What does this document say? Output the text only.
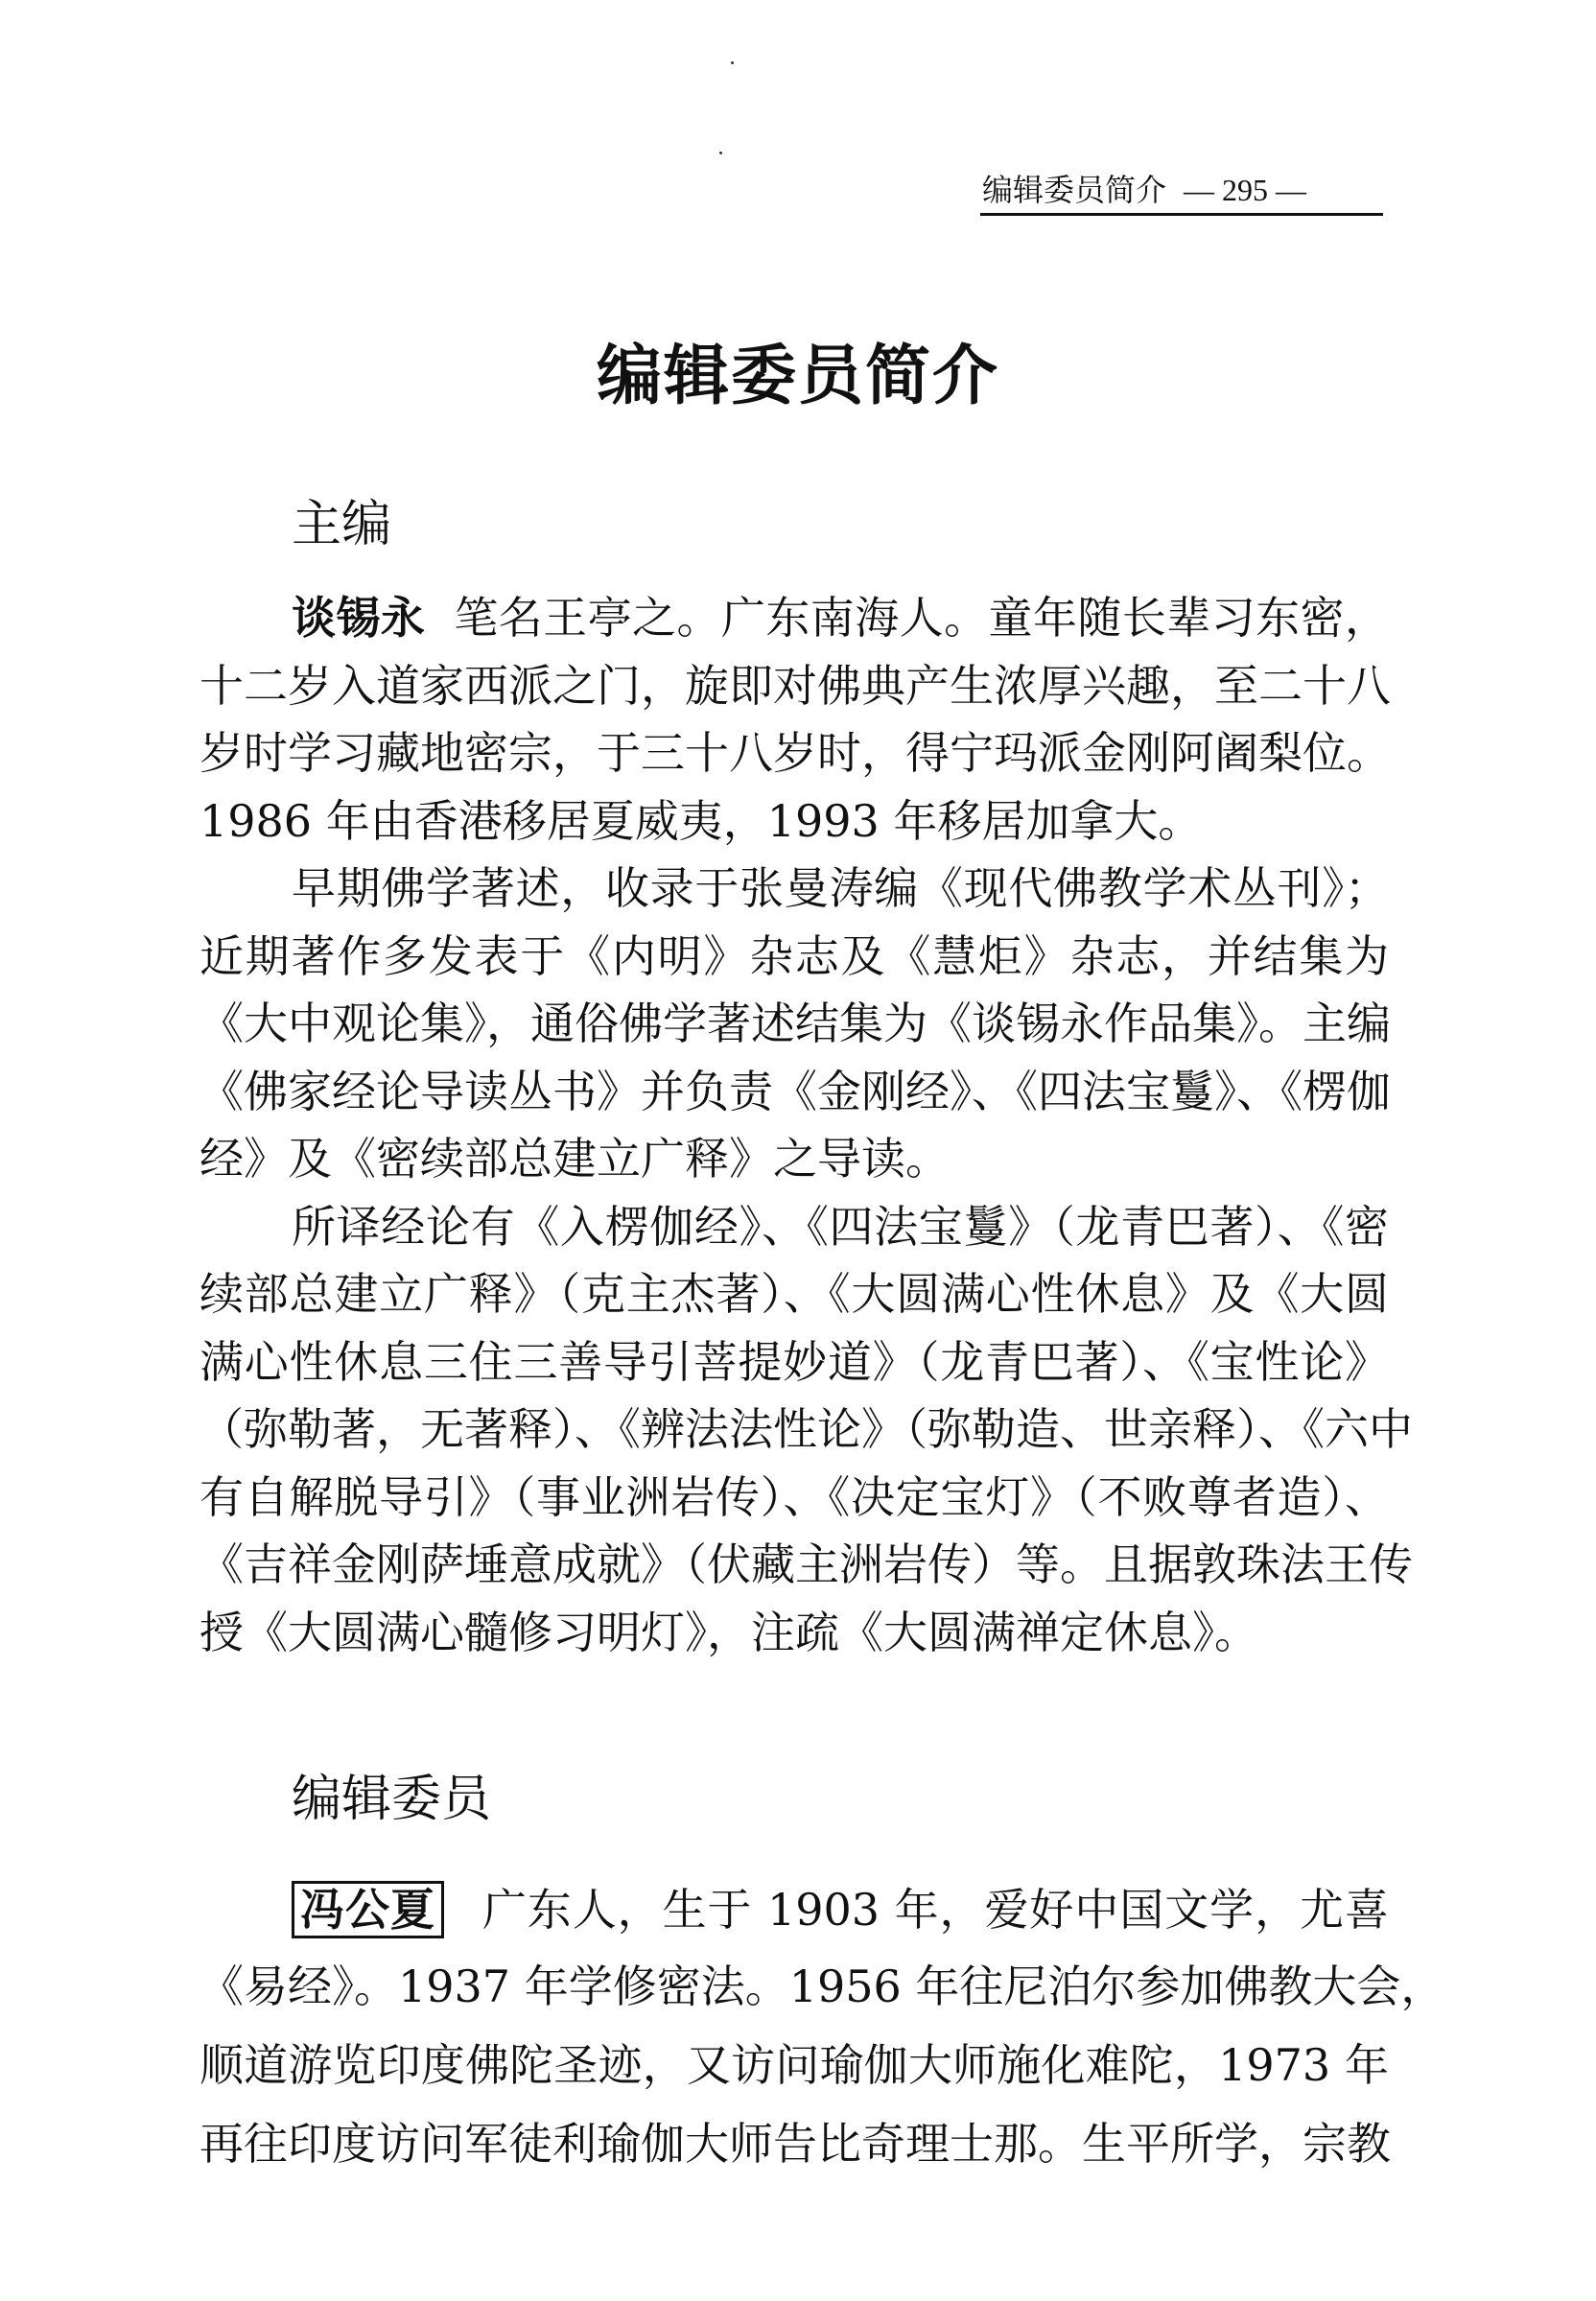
编辑委员简介 — 295 —
编辑委员简介
主编
谈锡永 笔名王亭之。广东南海人。童年随长辈习东密，
十二岁入道家西派之门，旋即对佛典产生浓厚兴趣，至二十八
岁时学习藏地密宗，于三十八岁时，得宁玛派金刚阿阇梨位。
1986 年由香港移居夏威夷，1993 年移居加拿大。
早期佛学著述，收录于张曼涛编《现代佛教学术丛刊》；
近期著作多发表于《内明》杂志及《慧炬》杂志，并结集为
《大中观论集》，通俗佛学著述结集为《谈锡永作品集》。主编
《佛家经论导读丛书》并负责《金刚经》、《四法宝鬘》、《楞伽
经》及《密续部总建立广释》之导读。
所译经论有《入楞伽经》、《四法宝鬘》（龙青巴著）、《密
续部总建立广释》（克主杰著）、《大圆满心性休息》及《大圆
满心性休息三住三善导引菩提妙道》（龙青巴著）、《宝性论》
（弥勒著，无著释）、《辨法法性论》（弥勒造、世亲释）、《六中
有自解脱导引》（事业洲岩传）、《决定宝灯》（不败尊者造）、
《吉祥金刚萨埵意成就》（伏藏主洲岩传）等。且据敦珠法王传
授《大圆满心髓修习明灯》，注疏《大圆满禅定休息》。
编辑委员
冯公夏 广东人，生于 1903 年，爱好中国文学，尤喜
《易经》。1937 年学修密法。1956 年往尼泊尔参加佛教大会，
顺道游览印度佛陀圣迹，又访问瑜伽大师施化难陀，1973 年
再往印度访问军徒利瑜伽大师告比奇理士那。生平所学，宗教
